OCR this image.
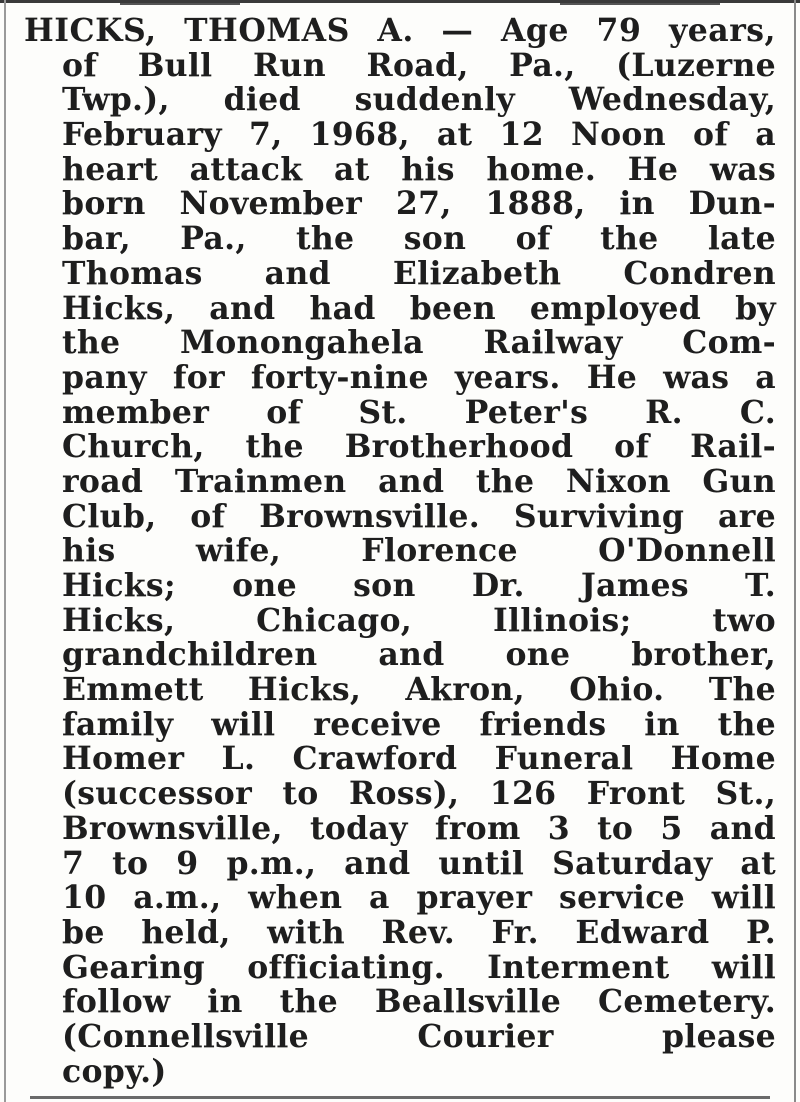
HICKS, THOMAS A. — Age 79 years,
of Bull Run Road, Pa., (Luzerne
Twp.), died suddenly Wednesday,
February 7, 1968, at 12 Noon of a
heart attack at his home. He was
born November 27, 1888, in Dun-
bar, Pa., the son of the late
Thomas and Elizabeth Condren
Hicks, and had been employed by
the Monongahela Railway Com-
pany for forty-nine years. He was a
member of St. Peter's R. C.
Church, the Brotherhood of Rail-
road Trainmen and the Nixon Gun
Club, of Brownsville. Surviving are
his wife, Florence O'Donnell
Hicks; one son Dr. James T.
Hicks, Chicago, Illinois; two
grandchildren and one brother,
Emmett Hicks, Akron, Ohio. The
family will receive friends in the
Homer L. Crawford Funeral Home
(successor to Ross), 126 Front St.,
Brownsville, today from 3 to 5 and
7 to 9 p.m., and until Saturday at
10 a.m., when a prayer service will
be held, with Rev. Fr. Edward P.
Gearing officiating. Interment will
follow in the Beallsville Cemetery.
(Connellsville Courier please
copy.)
